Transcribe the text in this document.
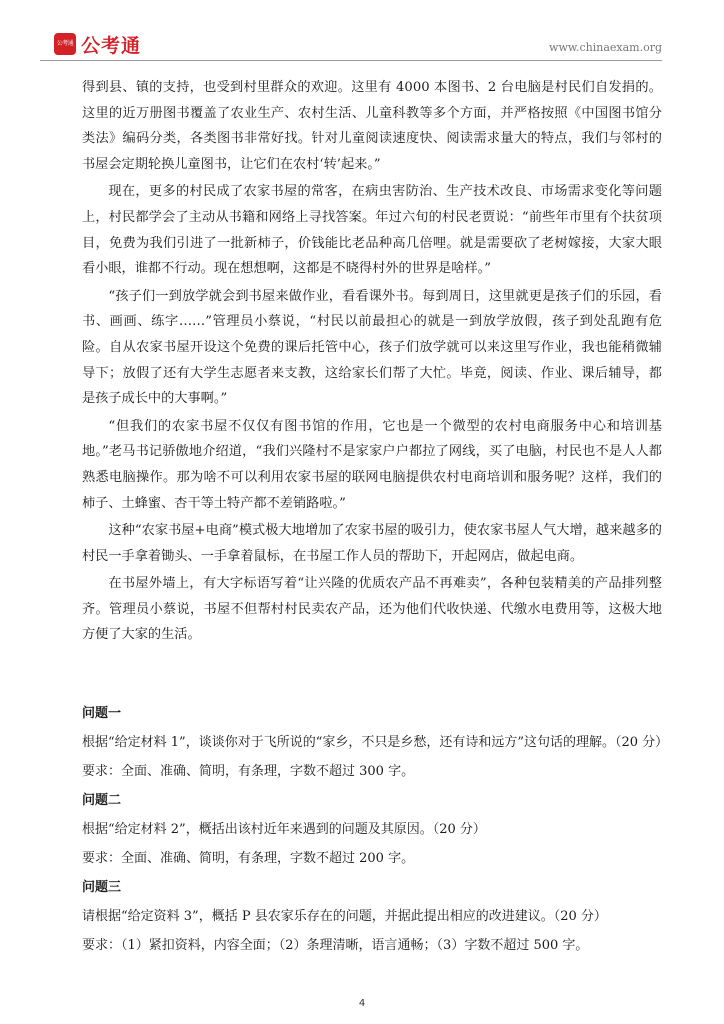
公考通 公考通	www.chinaexam.org

得到县、镇的支持，也受到村里群众的欢迎。这里有 4000 本图书、2 台电脑是村民们自发捐的。这里的近万册图书覆盖了农业生产、农村生活、儿童科教等多个方面，并严格按照《中国图书馆分类法》编码分类，各类图书非常好找。针对儿童阅读速度快、阅读需求量大的特点，我们与邻村的书屋会定期轮换儿童图书，让它们在农村‘转’起来。”

现在，更多的村民成了农家书屋的常客，在病虫害防治、生产技术改良、市场需求变化等问题上，村民都学会了主动从书籍和网络上寻找答案。年过六旬的村民老贾说：“前些年市里有个扶贫项目，免费为我们引进了一批新柿子，价钱能比老品种高几倍哩。就是需要砍了老树嫁接，大家大眼看小眼，谁都不行动。现在想想啊，这都是不晓得村外的世界是啥样。”

“孩子们一到放学就会到书屋来做作业，看看课外书。每到周日，这里就更是孩子们的乐园，看书、画画、练字……”管理员小蔡说，“村民以前最担心的就是一到放学放假，孩子到处乱跑有危险。自从农家书屋开设这个免费的课后托管中心，孩子们放学就可以来这里写作业，我也能稍微辅导下；放假了还有大学生志愿者来支教，这给家长们帮了大忙。毕竟，阅读、作业、课后辅导，都是孩子成长中的大事啊。”

“但我们的农家书屋不仅仅有图书馆的作用，它也是一个微型的农村电商服务中心和培训基地。”老马书记骄傲地介绍道，“我们兴隆村不是家家户户都拉了网线，买了电脑，村民也不是人人都熟悉电脑操作。那为啥不可以利用农家书屋的联网电脑提供农村电商培训和服务呢？这样，我们的柿子、土蜂蜜、杏干等土特产都不差销路啦。”

这种“农家书屋+电商”模式极大地增加了农家书屋的吸引力，使农家书屋人气大增，越来越多的村民一手拿着锄头、一手拿着鼠标，在书屋工作人员的帮助下，开起网店，做起电商。

在书屋外墙上，有大字标语写着“让兴隆的优质农产品不再难卖”，各种包装精美的产品排列整齐。管理员小蔡说，书屋不但帮村村民卖农产品，还为他们代收快递、代缴水电费用等，这极大地方便了大家的生活。

问题一
根据“给定材料 1”，谈谈你对于飞所说的“家乡，不只是乡愁，还有诗和远方”这句话的理解。（20 分）
要求：全面、准确、简明，有条理，字数不超过 300 字。
问题二
根据“给定材料 2”，概括出该村近年来遇到的问题及其原因。（20 分）
要求：全面、准确、简明，有条理，字数不超过 200 字。
问题三
请根据“给定资料 3”，概括 P 县农家乐存在的问题，并据此提出相应的改进建议。（20 分）
要求：（1）紧扣资料，内容全面；（2）条理清晰，语言通畅；（3）字数不超过 500 字。
4
